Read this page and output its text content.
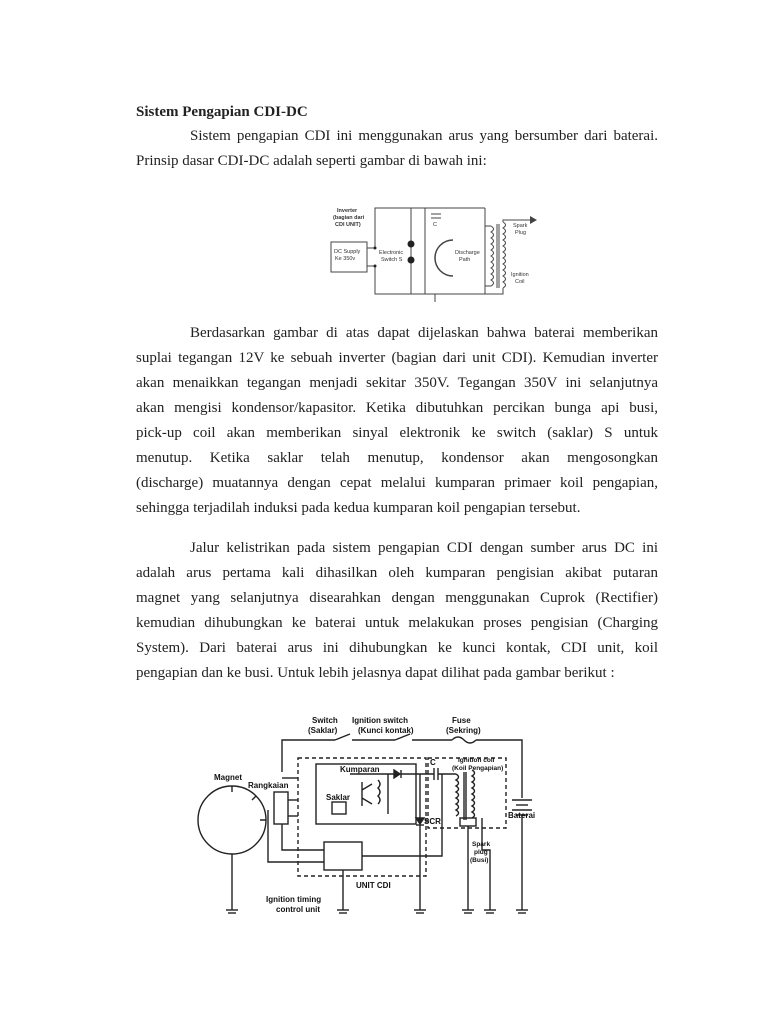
Sistem Pengapian CDI-DC
Sistem pengapian CDI ini menggunakan arus yang bersumber dari baterai.
Prinsip dasar CDI-DC adalah seperti gambar di bawah ini:
Inverter
(bagian dari
CDI UNIT)
DC Supply
Ke 350v
Electronic
Switch S
C
Discharge
Path
Spark
Plug
Ignition
Coil
Berdasarkan gambar di atas dapat dijelaskan bahwa baterai memberikan
suplai tegangan 12V ke sebuah inverter (bagian dari unit CDI). Kemudian inverter
akan menaikkan tegangan menjadi sekitar 350V. Tegangan 350V ini selanjutnya
akan mengisi kondensor/kapasitor. Ketika dibutuhkan percikan bunga api busi,
pick-up coil akan memberikan sinyal elektronik ke switch (saklar) S untuk
menutup. Ketika saklar telah menutup, kondensor akan mengosongkan
(discharge) muatannya dengan cepat melalui kumparan primaer koil pengapian,
sehingga terjadilah induksi pada kedua kumparan koil pengapian tersebut.
Jalur kelistrikan pada sistem pengapian CDI dengan sumber arus DC ini
adalah arus pertama kali dihasilkan oleh kumparan pengisian akibat putaran
magnet yang selanjutnya disearahkan dengan menggunakan Cuprok (Rectifier)
kemudian dihubungkan ke baterai untuk melakukan proses pengisian (Charging
System). Dari baterai arus ini dihubungkan ke kunci kontak, CDI unit, koil
pengapian dan ke busi. Untuk lebih jelasnya dapat dilihat pada gambar berikut :
Switch
(Saklar)
Ignition switch
(Kunci kontak)
Fuse
(Sekring)
Magnet
Rangkaian
Kumparan
Saklar
SCR
C	Ignition coil
(Koil Pengapian)
Baterai
Spark
plug
(Busi)
UNIT CDI
Ignition timing
control unit
